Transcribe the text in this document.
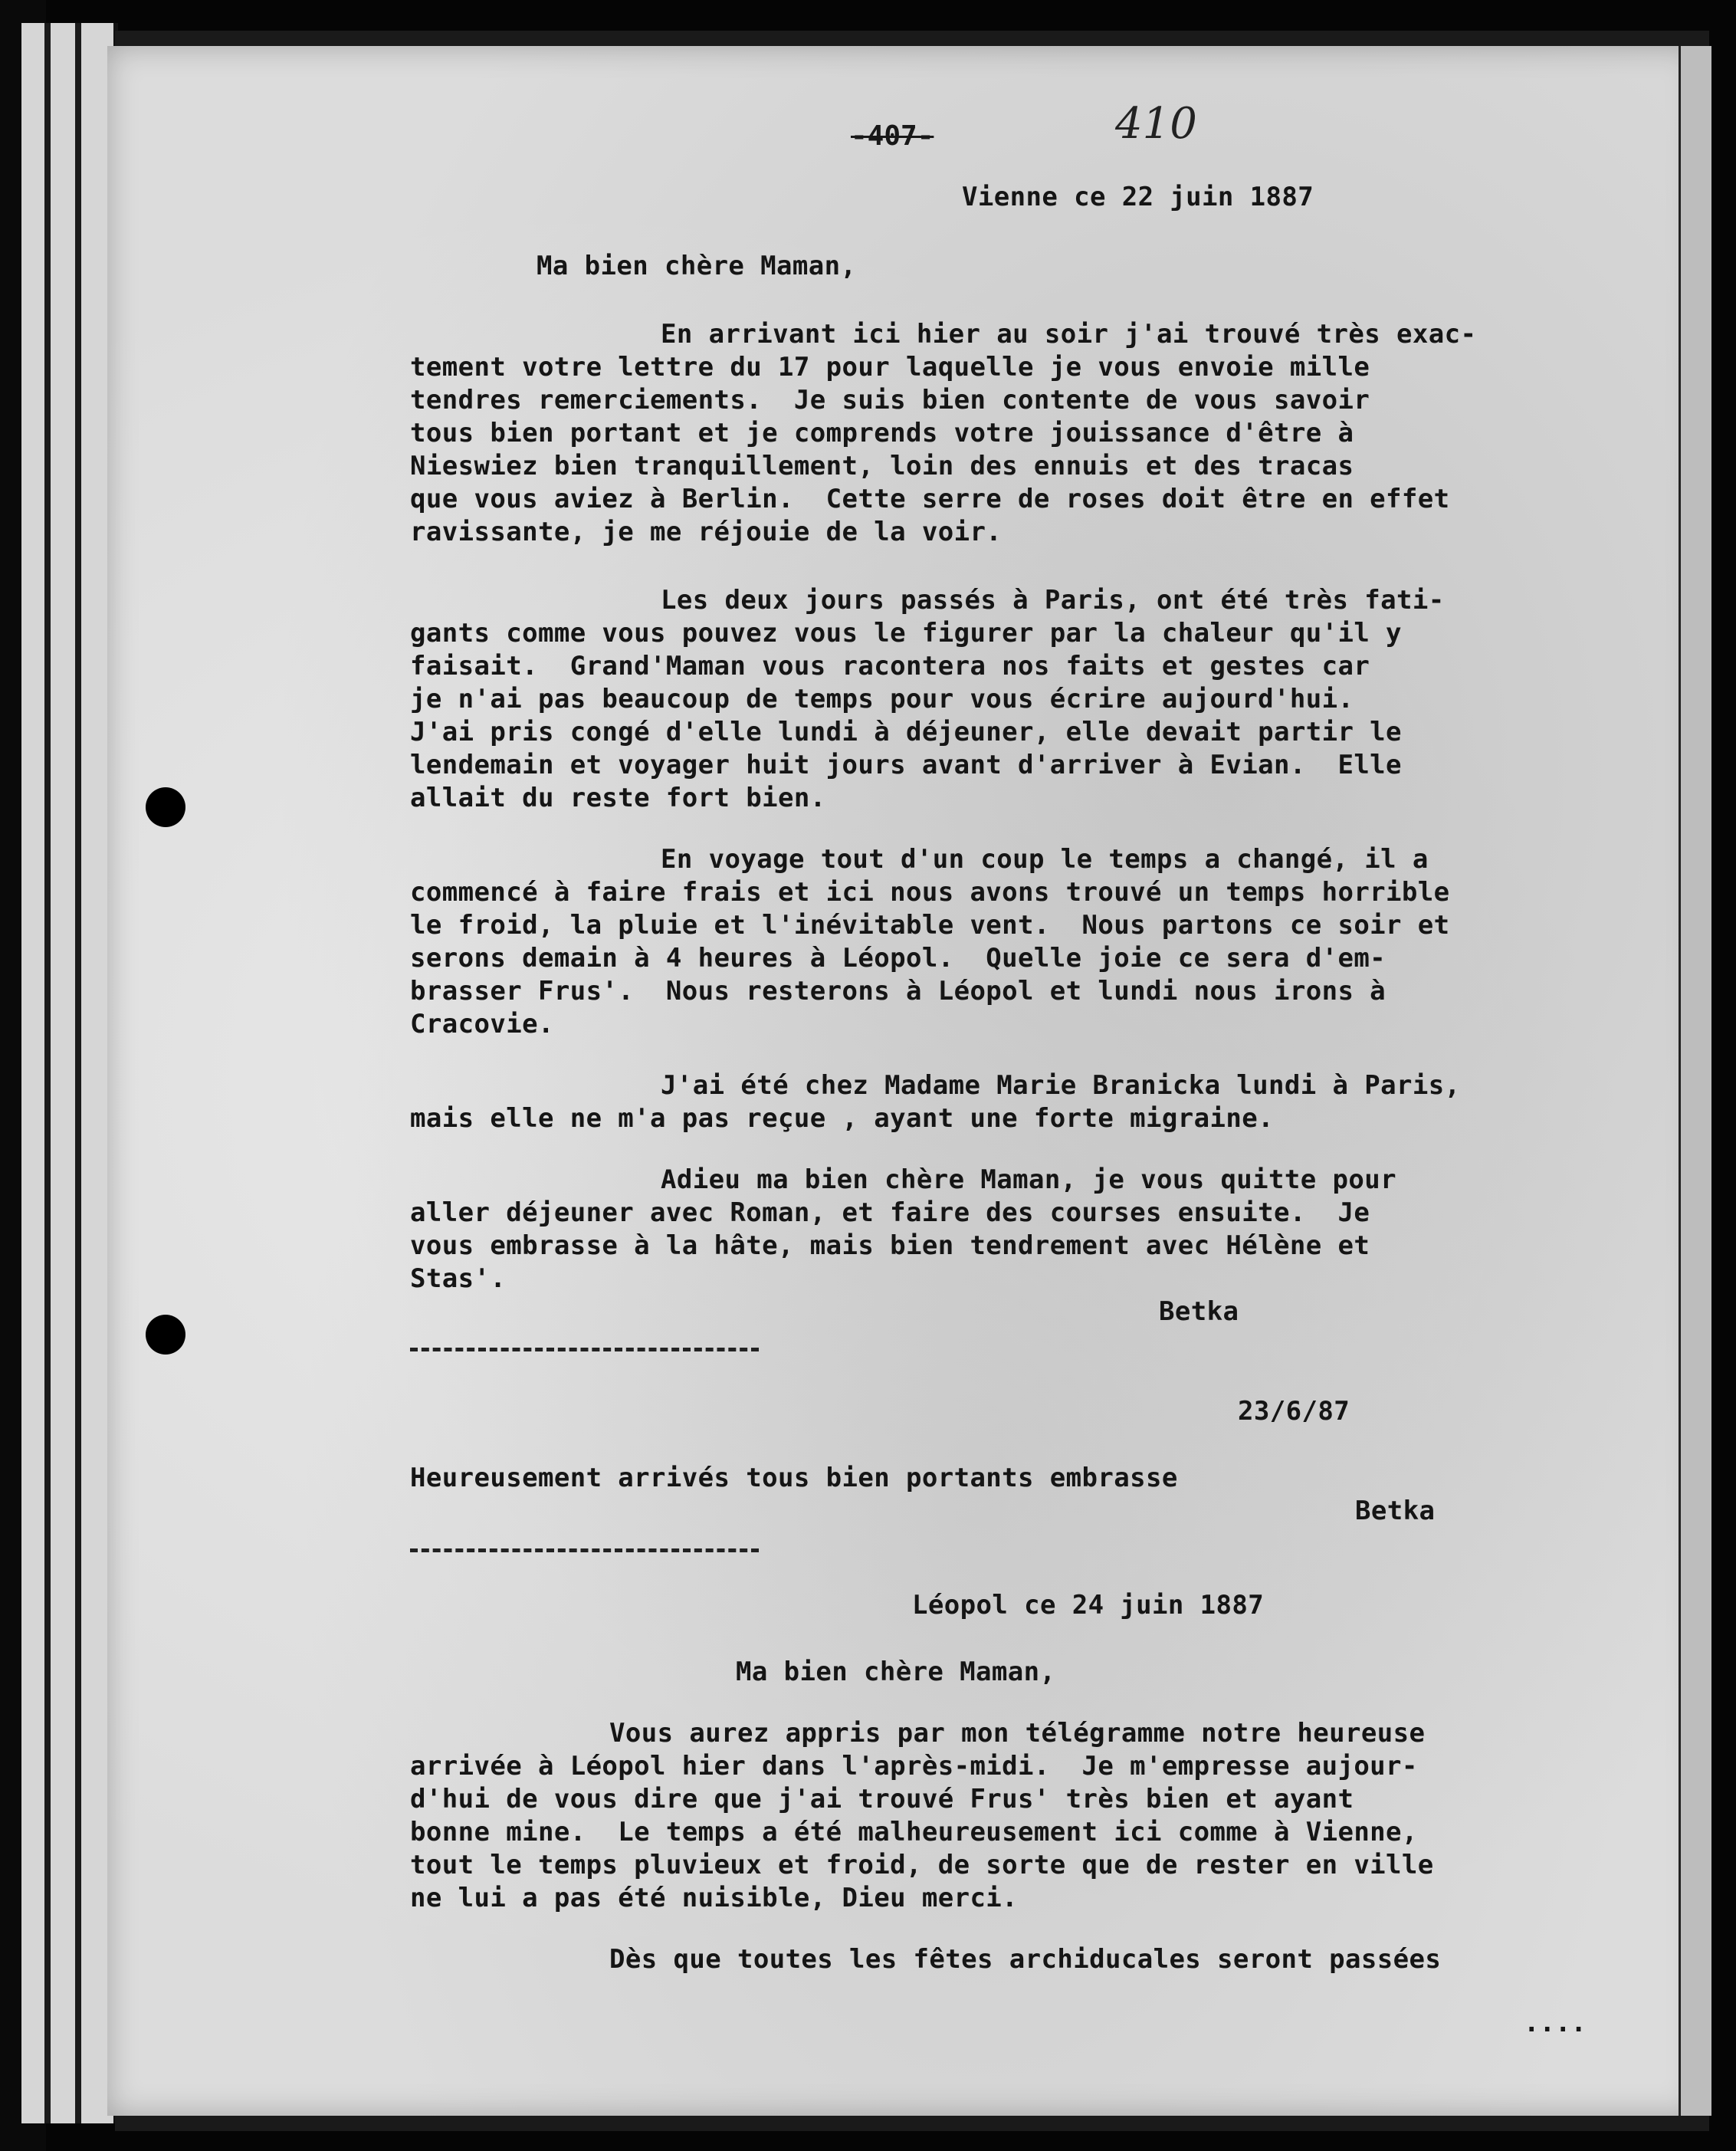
-407-	410
Vienne ce 22 juin 1887
Ma bien chère Maman,
En arrivant ici hier au soir j'ai trouvé très exac-
tement votre lettre du 17 pour laquelle je vous envoie mille
tendres remerciements.  Je suis bien contente de vous savoir
tous bien portant et je comprends votre jouissance d'être à
Nieswiez bien tranquillement, loin des ennuis et des tracas
que vous aviez à Berlin.  Cette serre de roses doit être en effet
ravissante, je me réjouie de la voir.
Les deux jours passés à Paris, ont été très fati-
gants comme vous pouvez vous le figurer par la chaleur qu'il y
faisait.  Grand'Maman vous racontera nos faits et gestes car
je n'ai pas beaucoup de temps pour vous écrire aujourd'hui.
J'ai pris congé d'elle lundi à déjeuner, elle devait partir le
lendemain et voyager huit jours avant d'arriver à Evian.  Elle
allait du reste fort bien.
En voyage tout d'un coup le temps a changé, il a
commencé à faire frais et ici nous avons trouvé un temps horrible
le froid, la pluie et l'inévitable vent.  Nous partons ce soir et
serons demain à 4 heures à Léopol.  Quelle joie ce sera d'em-
brasser Frus'.  Nous resterons à Léopol et lundi nous irons à
Cracovie.
J'ai été chez Madame Marie Branicka lundi à Paris,
mais elle ne m'a pas reçue , ayant une forte migraine.
Adieu ma bien chère Maman, je vous quitte pour
aller déjeuner avec Roman, et faire des courses ensuite.  Je
vous embrasse à la hâte, mais bien tendrement avec Hélène et
Stas'.
Betka
23/6/87
Heureusement arrivés tous bien portants embrasse
Betka
Léopol ce 24 juin 1887
Ma bien chère Maman,
Vous aurez appris par mon télégramme notre heureuse
arrivée à Léopol hier dans l'après-midi.  Je m'empresse aujour-
d'hui de vous dire que j'ai trouvé Frus' très bien et ayant
bonne mine.  Le temps a été malheureusement ici comme à Vienne,
tout le temps pluvieux et froid, de sorte que de rester en ville
ne lui a pas été nuisible, Dieu merci.
Dès que toutes les fêtes archiducales seront passées
....
